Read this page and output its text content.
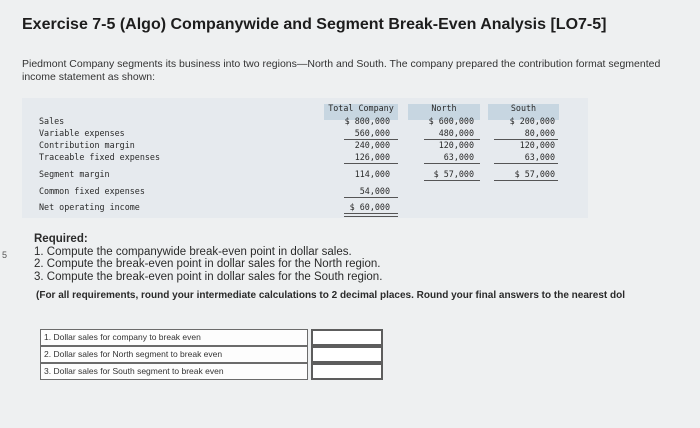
Exercise 7-5 (Algo) Companywide and Segment Break-Even Analysis [LO7-5]
Piedmont Company segments its business into two regions—North and South. The company prepared the contribution format segmented income statement as shown:
5
Total Company	North	South
Sales
Variable expenses
Contribution margin
Traceable fixed expenses
Segment margin
Common fixed expenses
Net operating income
$ 800,000
560,000
240,000
126,000
114,000
54,000
$ 60,000
$ 600,000
480,000
120,000
63,000
$ 57,000
$ 200,000
80,000
120,000
63,000
$ 57,000
Required:
1. Compute the companywide break-even point in dollar sales.
2. Compute the break-even point in dollar sales for the North region.
3. Compute the break-even point in dollar sales for the South region.
(For all requirements, round your intermediate calculations to 2 decimal places. Round your final answers to the nearest dol
1. Dollar sales for company to break even
2. Dollar sales for North segment to break even
3. Dollar sales for South segment to break even
